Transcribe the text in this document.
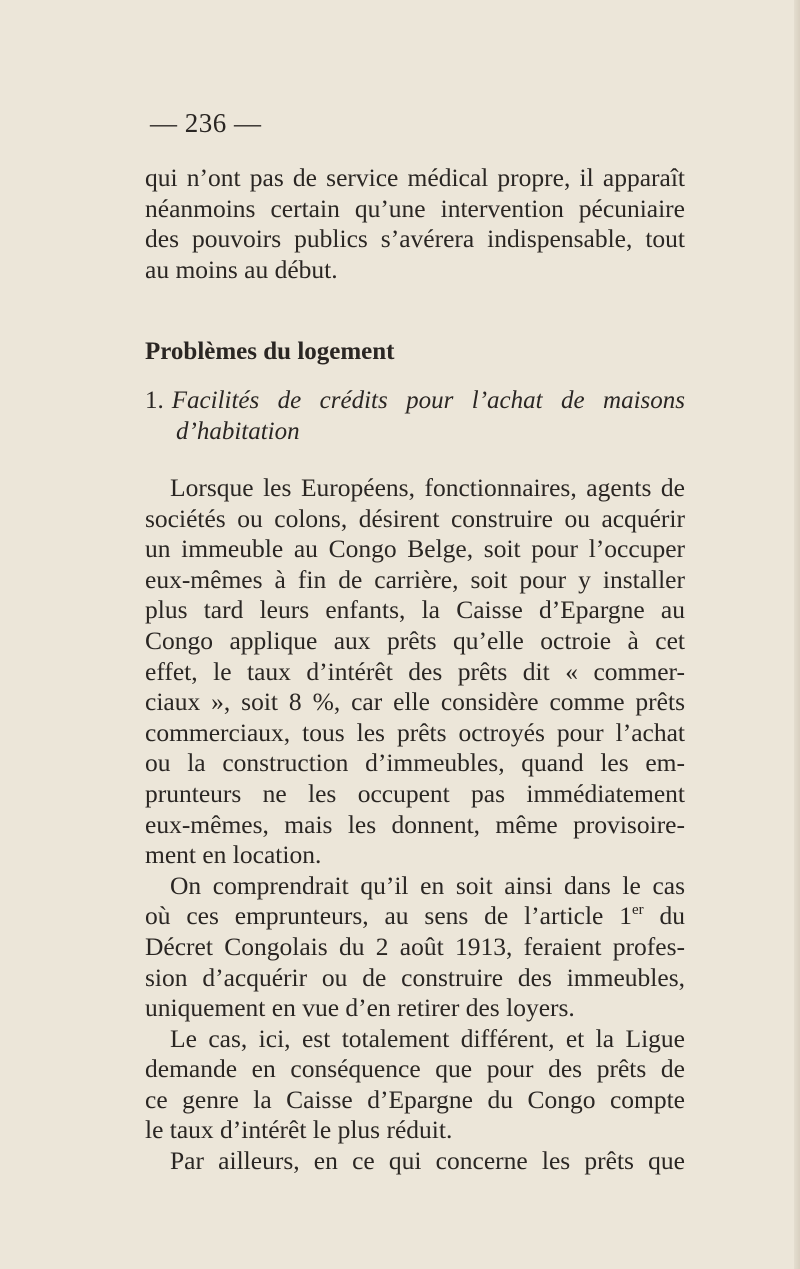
— 236 —
qui n’ont pas de service médical propre, il apparaît
néanmoins certain qu’une intervention pécuniaire
des pouvoirs publics s’avérera indispensable, tout
au moins au début.
Problèmes du logement
1. Facilités de crédits pour l’achat de maisons
d’habitation
Lorsque les Européens, fonctionnaires, agents de
sociétés ou colons, désirent construire ou acquérir
un immeuble au Congo Belge, soit pour l’occuper
eux-mêmes à fin de carrière, soit pour y installer
plus tard leurs enfants, la Caisse d’Epargne au
Congo applique aux prêts qu’elle octroie à cet
effet, le taux d’intérêt des prêts dit « commer-
ciaux », soit 8 %, car elle considère comme prêts
commerciaux, tous les prêts octroyés pour l’achat
ou la construction d’immeubles, quand les em-
prunteurs ne les occupent pas immédiatement
eux-mêmes, mais les donnent, même provisoire-
ment en location.
On comprendrait qu’il en soit ainsi dans le cas
où ces emprunteurs, au sens de l’article 1er du
Décret Congolais du 2 août 1913, feraient profes-
sion d’acquérir ou de construire des immeubles,
uniquement en vue d’en retirer des loyers.
Le cas, ici, est totalement différent, et la Ligue
demande en conséquence que pour des prêts de
ce genre la Caisse d’Epargne du Congo compte
le taux d’intérêt le plus réduit.
Par ailleurs, en ce qui concerne les prêts que
